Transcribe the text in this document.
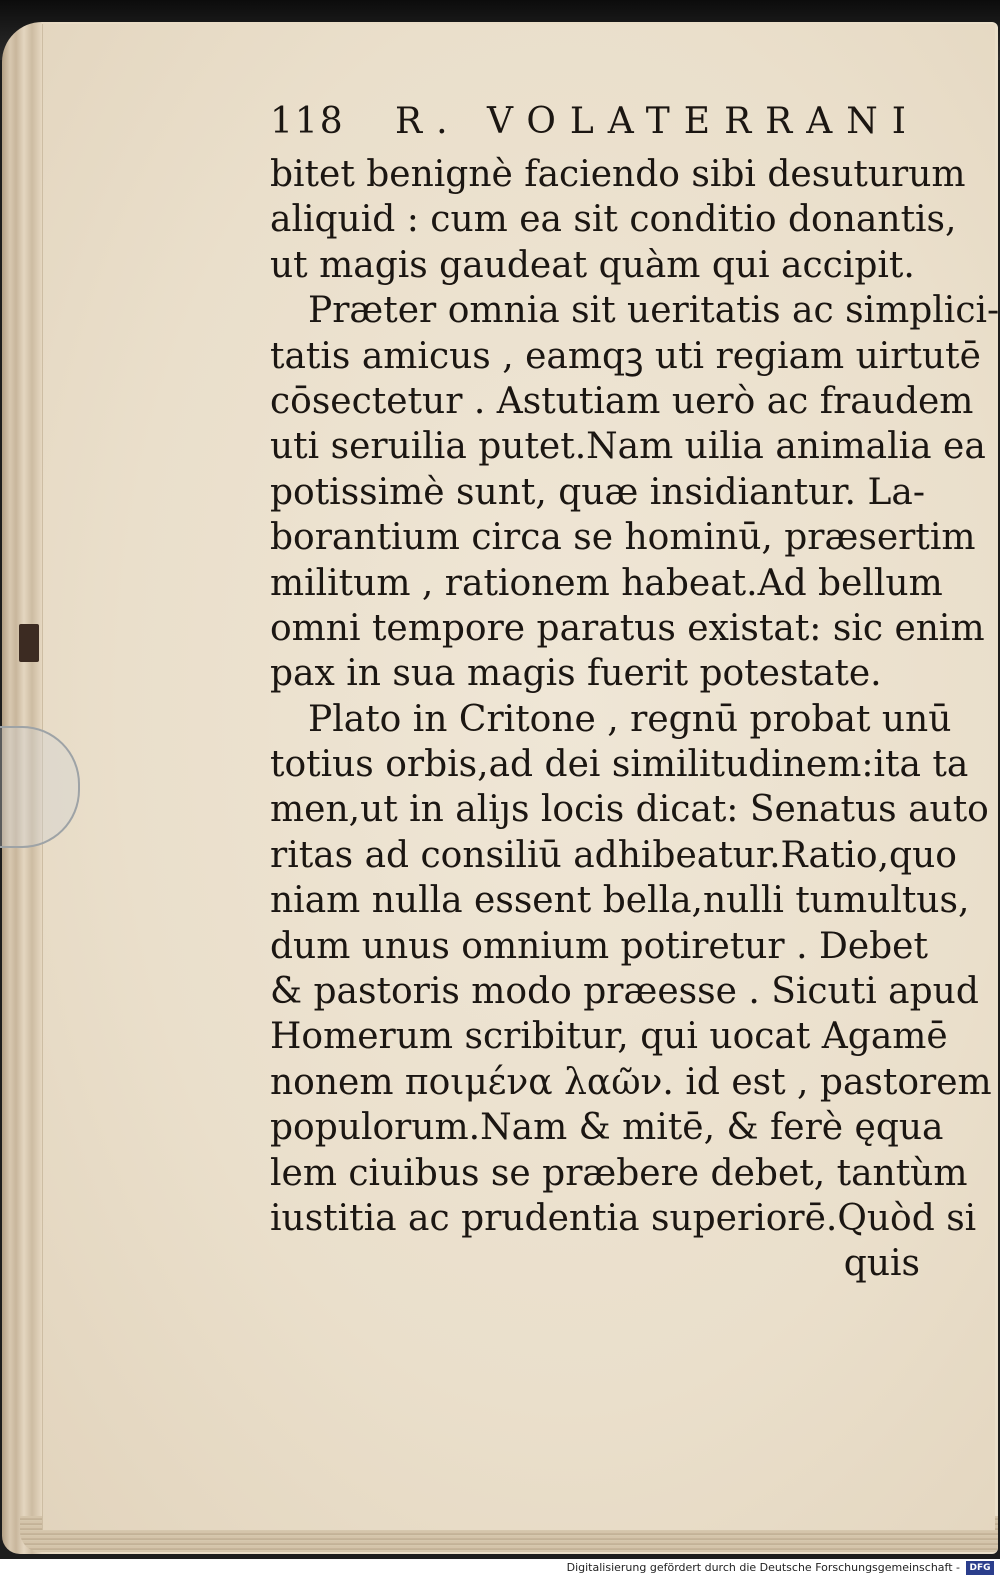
118 R. VOLATERRANI
bitet benignè faciendo sibi desuturum
aliquid : cum ea sit conditio donantis,
ut magis gaudeat quàm qui accipit.
Præter omnia sit ueritatis ac simplici-
tatis amicus , eamqꝫ uti regiam uirtutē
cōsectetur . Astutiam uerò ac fraudem
uti seruilia putet.Nam uilia animalia ea
potissimè sunt, quæ insidiantur. La-
borantium circa se hominū, præsertim
militum , rationem habeat.Ad bellum
omni tempore paratus existat: sic enim
pax in sua magis fuerit potestate.
Plato in Critone , regnū probat unū
totius orbis,ad dei similitudinem:ita ta
men,ut in aliȷs locis dicat: Senatus auto
ritas ad consiliū adhibeatur.Ratio,quo
niam nulla essent bella,nulli tumultus,
dum unus omnium potiretur . Debet
& pastoris modo præesse . Sicuti apud
Homerum scribitur, qui uocat Agamē
nonem ποιμένα λαῶν. id est , pastorem
populorum.Nam & mitē, & ferè ęqua
lem ciuibus se præbere debet, tantùm
iustitia ac prudentia superiorē.Quòd si
quis
Digitalisierung gefördert durch die Deutsche Forschungsgemeinschaft -	DFG
